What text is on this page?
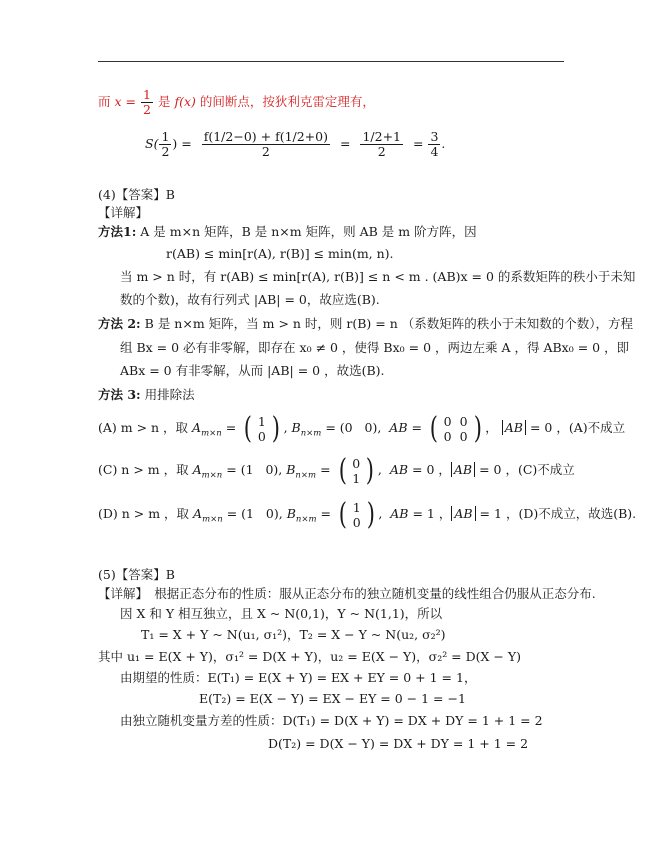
而 $x = \frac{1}{2}$ 是 f(x) 的间断点，按狄利克雷定理有，
$S( \frac{1}{2}$ ) = $\frac{f(1/2-0) + f(1/2+0)}{2} = \frac{1/2+1}{2} = \frac{3}{4}$ .
(4)【答案】B
【详解】
方法1: A 是 m×n 矩阵，B 是 n×m 矩阵，则 AB 是 m 阶方阵，因
r(AB) ≤ min[r(A), r(B)] ≤ min(m, n).
当 m > n 时，有 r(AB) ≤ min[r(A), r(B)] ≤ n < m . (AB)x = 0 的系数矩阵的秩小于未知
数的个数)，故有行列式 |AB| = 0，故应选(B).
方法 2: B 是 n×m 矩阵，当 m > n 时，则 r(B) = n （系数矩阵的秩小于未知数的个数），方程
组 Bx = 0 必有非零解，即存在 x₀ ≠ 0 ，使得 Bx₀ = 0 ，两边左乘 A ，得 ABx₀ = 0 ，即
ABx = 0 有非零解，从而 |AB| = 0 ，故选(B).
方法 3: 用排除法
(A) m > n ，取 $A_{m\times n}$ = ( 1
0 ) , $B_{n\times m} = (0$   0),  AB = ( 0	0
0	0 ) ， AB = 0 ，(A)不成立
(C) n > m ，取 $A_{m\times n} = (1$   0), $B_{n\times m}$ = ( 0
1 ) ,  AB = 0 ， AB = 0 ，(C)不成立
(D) n > m ，取 $A_{m\times n} = (1$   0), $B_{n\times m}$ = ( 1
0 ) ,  AB = 1 ， AB = 1 ，(D)不成立，故选(B).
(5)【答案】B
【详解】　根据正态分布的性质：服从正态分布的独立随机变量的线性组合仍服从正态分布.
因 X 和 Y 相互独立，且 X ~ N(0,1)，Y ~ N(1,1)，所以
T₁ = X + Y ~ N(u₁, σ₁²)，T₂ = X − Y ~ N(u₂, σ₂²)
其中 u₁ = E(X + Y)，σ₁² = D(X + Y)，u₂ = E(X − Y)，σ₂² = D(X − Y)
由期望的性质：E(T₁) = E(X + Y) = EX + EY = 0 + 1 = 1，
E(T₂) = E(X − Y) = EX − EY = 0 − 1 = −1
由独立随机变量方差的性质：D(T₁) = D(X + Y) = DX + DY = 1 + 1 = 2
D(T₂) = D(X − Y) = DX + DY = 1 + 1 = 2
